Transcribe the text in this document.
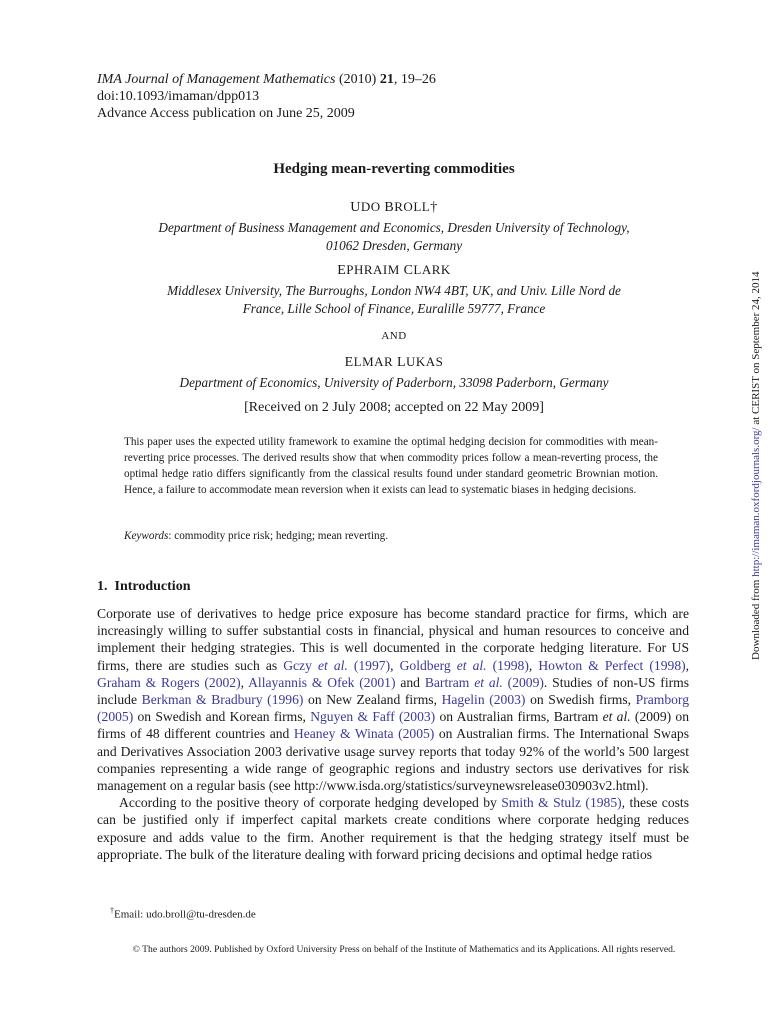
IMA Journal of Management Mathematics (2010) 21, 19–26
doi:10.1093/imaman/dpp013
Advance Access publication on June 25, 2009
Hedging mean-reverting commodities
UDO BROLL†
Department of Business Management and Economics, Dresden University of Technology,
01062 Dresden, Germany
EPHRAIM CLARK
Middlesex University, The Burroughs, London NW4 4BT, UK, and Univ. Lille Nord de
France, Lille School of Finance, Euralille 59777, France
AND
ELMAR LUKAS
Department of Economics, University of Paderborn, 33098 Paderborn, Germany
[Received on 2 July 2008; accepted on 22 May 2009]
This paper uses the expected utility framework to examine the optimal hedging decision for commodities with mean-reverting price processes. The derived results show that when commodity prices follow a mean-reverting process, the optimal hedge ratio differs significantly from the classical results found under standard geometric Brownian motion. Hence, a failure to accommodate mean reversion when it exists can lead to systematic biases in hedging decisions.
Keywords: commodity price risk; hedging; mean reverting.
1. Introduction

Corporate use of derivatives to hedge price exposure has become standard practice for firms, which are increasingly willing to suffer substantial costs in financial, physical and human resources to conceive and implement their hedging strategies. This is well documented in the corporate hedging literature. For US firms, there are studies such as Gczy et al. (1997), Goldberg et al. (1998), Howton & Perfect (1998), Graham & Rogers (2002), Allayannis & Ofek (2001) and Bartram et al. (2009). Studies of non-US firms include Berkman & Bradbury (1996) on New Zealand firms, Hagelin (2003) on Swedish firms, Pramborg (2005) on Swedish and Korean firms, Nguyen & Faff (2003) on Australian firms, Bartram et al. (2009) on firms of 48 different countries and Heaney & Winata (2005) on Australian firms. The International Swaps and Derivatives Association 2003 derivative usage survey reports that today 92% of the world’s 500 largest companies representing a wide range of geographic regions and industry sectors use derivatives for risk management on a regular basis (see http://www.isda.org/statistics/surveynewsrelease030903v2.html).

According to the positive theory of corporate hedging developed by Smith & Stulz (1985), these costs can be justified only if imperfect capital markets create conditions where corporate hedging reduces exposure and adds value to the firm. Another requirement is that the hedging strategy itself must be appropriate. The bulk of the literature dealing with forward pricing decisions and optimal hedge ratios

†Email: udo.broll@tu-dresden.de
© The authors 2009. Published by Oxford University Press on behalf of the Institute of Mathematics and its Applications. All rights reserved.
Downloaded from http://imaman.oxfordjournals.org/ at CERIST on September 24, 2014
